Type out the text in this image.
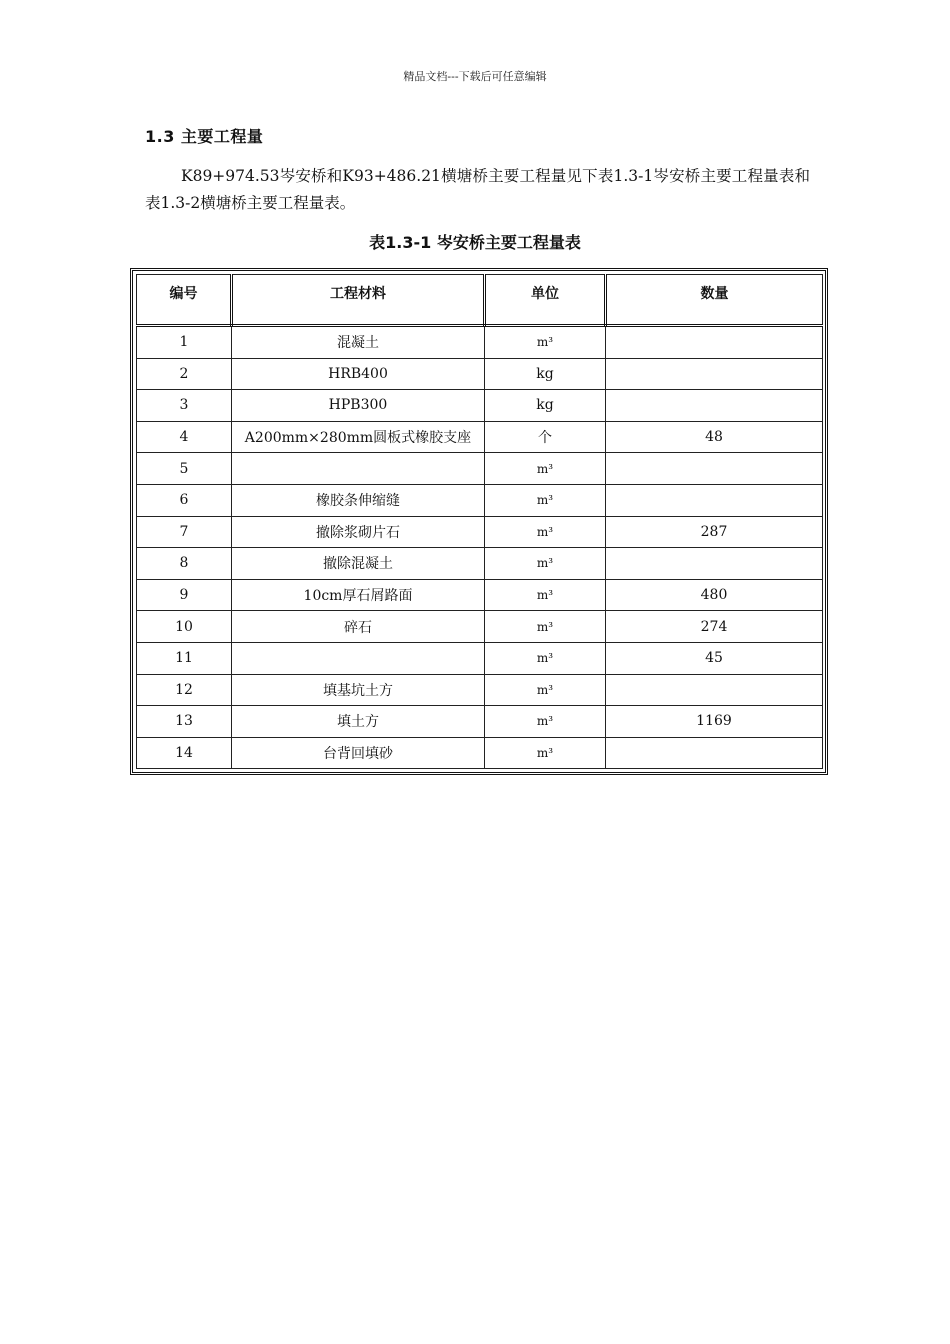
精品文档---下载后可任意编辑
1.3 主要工程量

K89+974.53岑安桥和K93+486.21横塘桥主要工程量见下表1.3-1岑安桥主要工程量表和表1.3-2横塘桥主要工程量表。

表1.3-1 岑安桥主要工程量表
编号	工程材料	单位	数量
1	混凝土	m³	
2	HRB400	kg	
3	HPB300	kg	
4	A200mm×280mm圆板式橡胶支座	个	48
5		m³	
6	橡胶条伸缩缝	m³	
7	撤除浆砌片石	m³	287
8	撤除混凝土	m³	
9	10cm厚石屑路面	m³	480
10	碎石	m³	274
11		m³	45
12	填基坑土方	m³	
13	填土方	m³	1169
14	台背回填砂	m³	
